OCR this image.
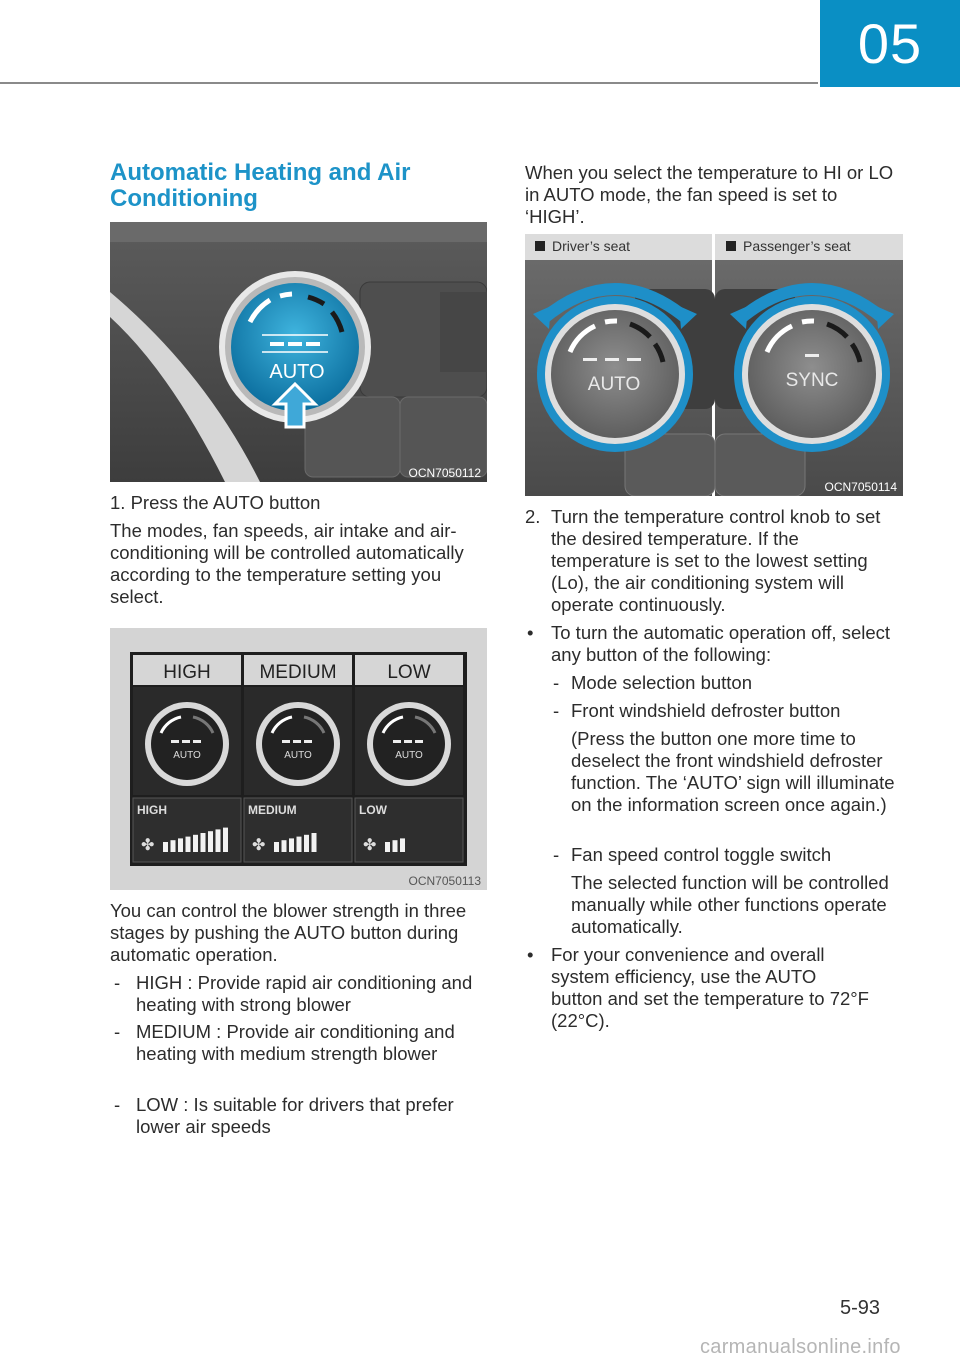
05
Automatic Heating and Air Conditioning
AUTO
OCN7050112
1. Press the AUTO button
The modes, fan speeds, air intake and air-conditioning will be controlled automatically according to the temperature setting you select.
HIGH
AUTO
HIGH
✤
MEDIUM
AUTO
MEDIUM
✤
LOW
AUTO
LOW
✤
OCN7050113
You can control the blower strength in three stages by pushing the AUTO button during automatic operation.
- HIGH : Provide rapid air conditioning and heating with strong blower
- MEDIUM : Provide air conditioning and heating with medium strength blower
- LOW : Is suitable for drivers that prefer lower air speeds
When you select the temperature to HI or LO in AUTO mode, the fan speed is set to ‘HIGH’.
Driver’s seat	Passenger’s seat
AUTO	SYNC
OCN7050114
2. Turn the temperature control knob to set the desired temperature. If the temperature is set to the lowest setting (Lo), the air conditioning system will operate continuously.
• To turn the automatic operation off, select any button of the following:
- Mode selection button
- Front windshield defroster button
(Press the button one more time to deselect the front windshield defroster function. The ‘AUTO’ sign will illuminate on the information screen once again.)
- Fan speed control toggle switch
The selected function will be controlled manually while other functions operate automatically.
• For your convenience and overall system efficiency, use the AUTO button and set the temperature to 72°F (22°C).
5-93
carmanualsonline.info
